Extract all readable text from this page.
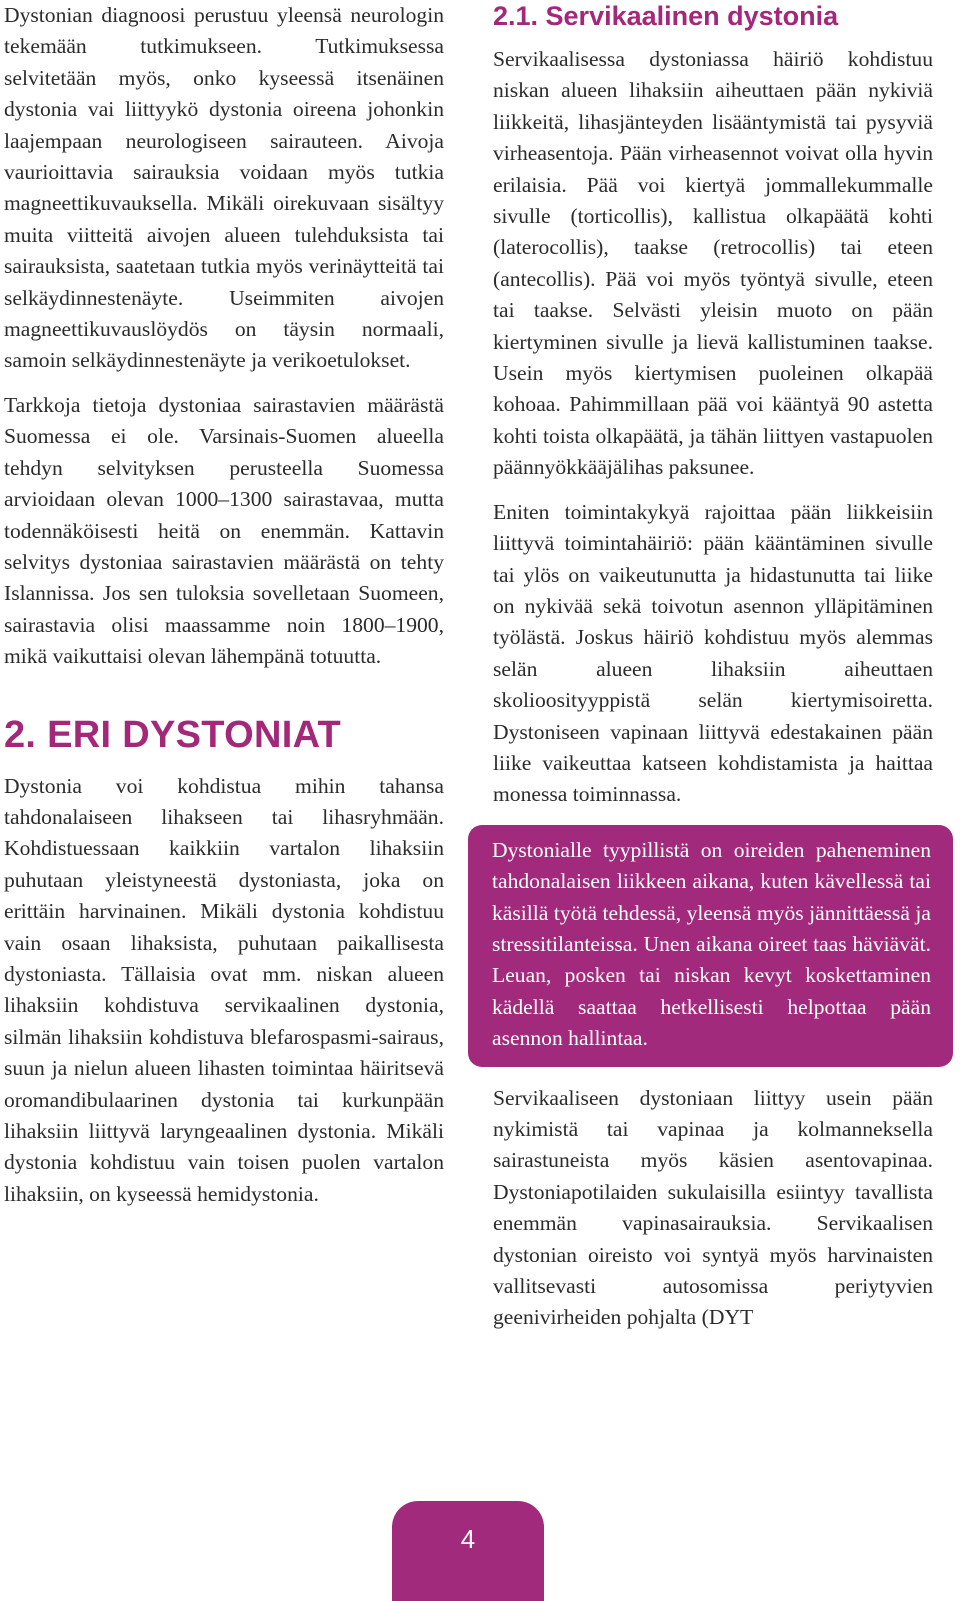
Dystonian diagnoosi perustuu yleensä neurologin tekemään tutkimukseen. Tutkimuksessa selvitetään myös, onko kyseessä itsenäinen dystonia vai liittyykö dystonia oireena johonkin laajempaan neurologiseen sairauteen. Aivoja vaurioittavia sairauksia voidaan myös tutkia magneettikuvauksella. Mikäli oirekuvaan sisältyy muita viitteitä aivojen alueen tulehduksista tai sairauksista, saatetaan tutkia myös verinäytteitä tai selkäydinnestenäyte. Useimmiten aivojen magneettikuvauslöydös on täysin normaali, samoin selkäydinnestenäyte ja verikoetulokset.

Tarkkoja tietoja dystoniaa sairastavien määrästä Suomessa ei ole. Varsinais-Suomen alueella tehdyn selvityksen perusteella Suomessa arvioidaan olevan 1000–1300 sairastavaa, mutta todennäköisesti heitä on enemmän. Kattavin selvitys dystoniaa sairastavien määrästä on tehty Islannissa. Jos sen tuloksia sovelletaan Suomeen, sairastavia olisi maassamme noin 1800–1900, mikä vaikuttaisi olevan lähempänä totuutta.

2. ERI DYSTONIAT

Dystonia voi kohdistua mihin tahansa tahdonalaiseen lihakseen tai lihasryhmään. Kohdistuessaan kaikkiin vartalon lihaksiin puhutaan yleistyneestä dystoniasta, joka on erittäin harvinainen. Mikäli dystonia kohdistuu vain osaan lihaksista, puhutaan paikallisesta dystoniasta. Tällaisia ovat mm. niskan alueen lihaksiin kohdistuva servikaalinen dystonia, silmän lihaksiin kohdistuva blefarospasmi-sairaus, suun ja nielun alueen lihasten toimintaa häiritsevä oromandibulaarinen dystonia tai kurkunpään lihaksiin liittyvä laryngeaalinen dystonia. Mikäli dystonia kohdistuu vain toisen puolen vartalon lihaksiin, on kyseessä hemidystonia.

2.1. Servikaalinen dystonia

Servikaalisessa dystoniassa häiriö kohdistuu niskan alueen lihaksiin aiheuttaen pään nykiviä liikkeitä, lihasjänteyden lisääntymistä tai pysyviä virheasentoja. Pään virheasennot voivat olla hyvin erilaisia. Pää voi kiertyä jommallekummalle sivulle (torticollis), kallistua olkapäätä kohti (laterocollis), taakse (retrocollis) tai eteen (antecollis). Pää voi myös työntyä sivulle, eteen tai taakse. Selvästi yleisin muoto on pään kiertyminen sivulle ja lievä kallistuminen taakse. Usein myös kiertymisen puoleinen olkapää kohoaa. Pahimmillaan pää voi kääntyä 90 astetta kohti toista olkapäätä, ja tähän liittyen vastapuolen päännyökkääjälihas paksunee.

Eniten toimintakykyä rajoittaa pään liikkeisiin liittyvä toimintahäiriö: pään kääntäminen sivulle tai ylös on vaikeutunutta ja hidastunutta tai liike on nykivää sekä toivotun asennon ylläpitäminen työlästä. Joskus häiriö kohdistuu myös alemmas selän alueen lihaksiin aiheuttaen skolioosityyppistä selän kiertymisoiretta. Dystoniseen vapinaan liittyvä edestakainen pään liike vaikeuttaa katseen kohdistamista ja haittaa monessa toiminnassa.

Dystonialle tyypillistä on oireiden paheneminen tahdonalaisen liikkeen aikana, kuten kävellessä tai käsillä työtä tehdessä, yleensä myös jännittäessä ja stressitilanteissa. Unen aikana oireet taas häviävät. Leuan, posken tai niskan kevyt koskettaminen kädellä saattaa hetkellisesti helpottaa pään asennon hallintaa.

Servikaaliseen dystoniaan liittyy usein pään nykimistä tai vapinaa ja kolmanneksella sairastuneista myös käsien asentovapinaa. Dystoniapotilaiden sukulaisilla esiintyy tavallista enemmän vapinasairauksia. Servikaalisen dystonian oireisto voi syntyä myös harvinaisten vallitsevasti autosomissa periytyvien geenivirheiden pohjalta (DYT

4
